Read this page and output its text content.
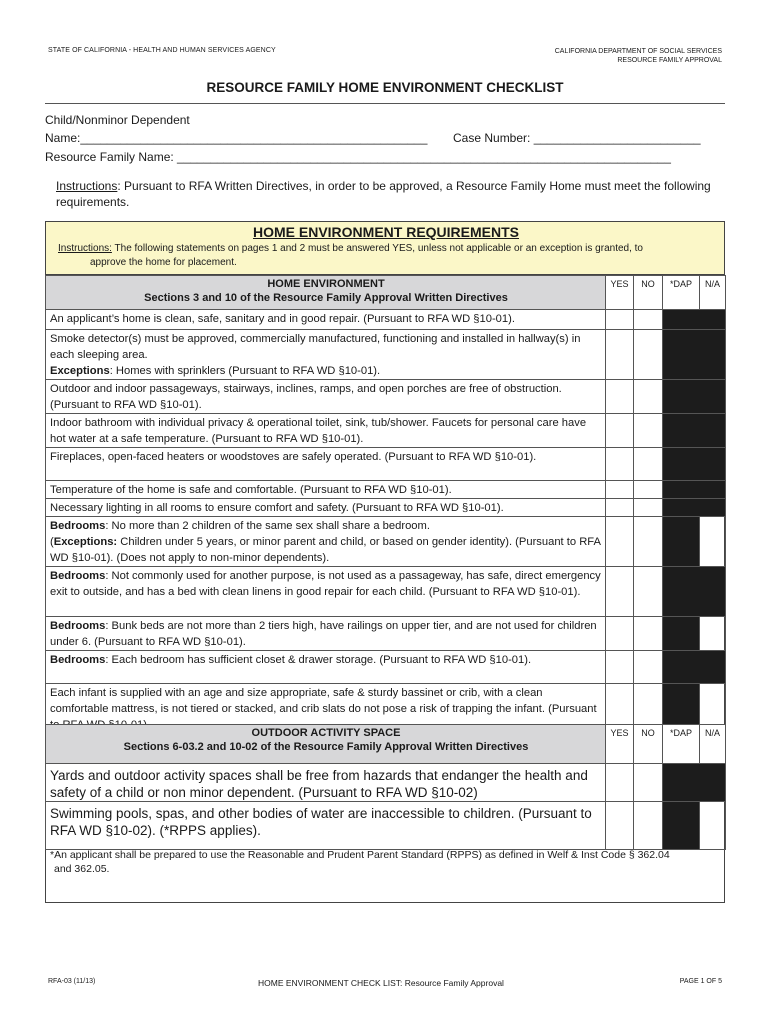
STATE OF CALIFORNIA - HEALTH AND HUMAN SERVICES AGENCY	CALIFORNIA DEPARTMENT OF SOCIAL SERVICES
RESOURCE FAMILY APPROVAL
RESOURCE FAMILY HOME ENVIRONMENT CHECKLIST
Child/Nonminor Dependent
Name:____________________________________________________ Case Number: _________________________
Resource Family Name: __________________________________________________________________________
Instructions: Pursuant to RFA Written Directives, in order to be approved, a Resource Family Home must meet the following requirements.
HOME ENVIRONMENT REQUIREMENTS
Instructions: The following statements on pages 1 and 2 must be answered YES, unless not applicable or an exception is granted, to
approve the home for placement.
HOME ENVIRONMENT
Sections 3 and 10 of the Resource Family Approval Written Directives	YES	NO	*DAP	N/A
An applicant’s home is clean, safe, sanitary and in good repair. (Pursuant to RFA WD §10-01).				
Smoke detector(s) must be approved, commercially manufactured, functioning and installed in hallway(s) in each sleeping area.
Exceptions: Homes with sprinklers (Pursuant to RFA WD §10-01).				
Outdoor and indoor passageways, stairways, inclines, ramps, and open porches are free of obstruction. (Pursuant to RFA WD §10-01).				
Indoor bathroom with individual privacy & operational toilet, sink, tub/shower. Faucets for personal care have hot water at a safe temperature. (Pursuant to RFA WD §10-01).				
Fireplaces, open-faced heaters or woodstoves are safely operated. (Pursuant to RFA WD §10-01).				
Temperature of the home is safe and comfortable. (Pursuant to RFA WD §10-01).				
Necessary lighting in all rooms to ensure comfort and safety. (Pursuant to RFA WD §10-01).				
Bedrooms: No more than 2 children of the same sex shall share a bedroom.
(Exceptions: Children under 5 years, or minor parent and child, or based on gender identity). (Pursuant to RFA WD §10-01). (Does not apply to non-minor dependents).				
Bedrooms: Not commonly used for another purpose, is not used as a passageway, has safe, direct emergency exit to outside, and has a bed with clean linens in good repair for each child. (Pursuant to RFA WD §10-01).				
Bedrooms: Bunk beds are not more than 2 tiers high, have railings on upper tier, and are not used for children under 6. (Pursuant to RFA WD §10-01).				
Bedrooms: Each bedroom has sufficient closet & drawer storage. (Pursuant to RFA WD §10-01).				
Each infant is supplied with an age and size appropriate, safe & sturdy bassinet or crib, with a clean comfortable mattress, is not tiered or stacked, and crib slats do not pose a risk of trapping the infant. (Pursuant				
OUTDOOR ACTIVITY SPACE
Sections 6-03.2 and 10-02 of the Resource Family Approval Written Directives	YES	NO	*DAP	N/A
Yards and outdoor activity spaces shall be free from hazards that endanger the health and safety of a child or non minor dependent. (Pursuant to RFA WD §10-02)				
Swimming pools, spas, and other bodies of water are inaccessible to children. (Pursuant to RFA WD §10-02). (*RPPS applies).				
*An applicant shall be prepared to use the Reasonable and Prudent Parent Standard (RPPS) as defined in Welf & Inst Code § 362.04
and 362.05.
RFA-03 (11/13)	HOME ENVIRONMENT CHECK LIST: Resource Family Approval	PAGE 1 OF 5
